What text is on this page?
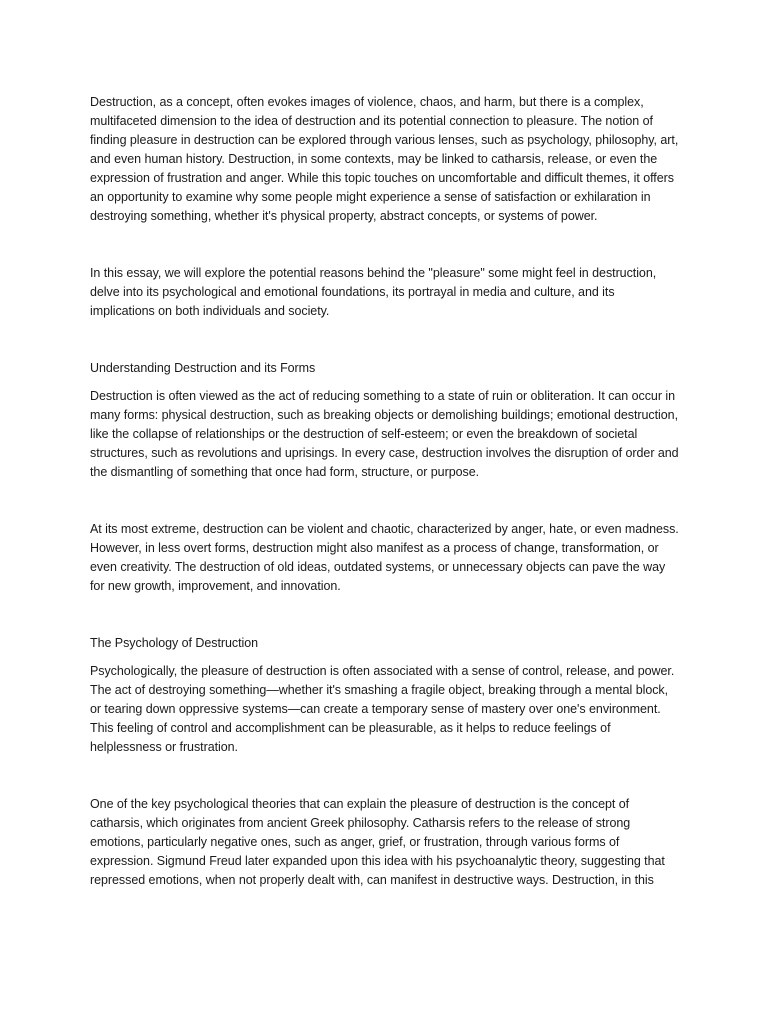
Destruction, as a concept, often evokes images of violence, chaos, and harm, but there is a complex, multifaceted dimension to the idea of destruction and its potential connection to pleasure. The notion of finding pleasure in destruction can be explored through various lenses, such as psychology, philosophy, art, and even human history. Destruction, in some contexts, may be linked to catharsis, release, or even the expression of frustration and anger. While this topic touches on uncomfortable and difficult themes, it offers an opportunity to examine why some people might experience a sense of satisfaction or exhilaration in destroying something, whether it's physical property, abstract concepts, or systems of power.

In this essay, we will explore the potential reasons behind the "pleasure" some might feel in destruction, delve into its psychological and emotional foundations, its portrayal in media and culture, and its implications on both individuals and society.

Understanding Destruction and its Forms

Destruction is often viewed as the act of reducing something to a state of ruin or obliteration. It can occur in many forms: physical destruction, such as breaking objects or demolishing buildings; emotional destruction, like the collapse of relationships or the destruction of self-esteem; or even the breakdown of societal structures, such as revolutions and uprisings. In every case, destruction involves the disruption of order and the dismantling of something that once had form, structure, or purpose.

At its most extreme, destruction can be violent and chaotic, characterized by anger, hate, or even madness. However, in less overt forms, destruction might also manifest as a process of change, transformation, or even creativity. The destruction of old ideas, outdated systems, or unnecessary objects can pave the way for new growth, improvement, and innovation.

The Psychology of Destruction

Psychologically, the pleasure of destruction is often associated with a sense of control, release, and power. The act of destroying something—whether it's smashing a fragile object, breaking through a mental block, or tearing down oppressive systems—can create a temporary sense of mastery over one's environment. This feeling of control and accomplishment can be pleasurable, as it helps to reduce feelings of helplessness or frustration.

One of the key psychological theories that can explain the pleasure of destruction is the concept of catharsis, which originates from ancient Greek philosophy. Catharsis refers to the release of strong emotions, particularly negative ones, such as anger, grief, or frustration, through various forms of expression. Sigmund Freud later expanded upon this idea with his psychoanalytic theory, suggesting that repressed emotions, when not properly dealt with, can manifest in destructive ways. Destruction, in this
